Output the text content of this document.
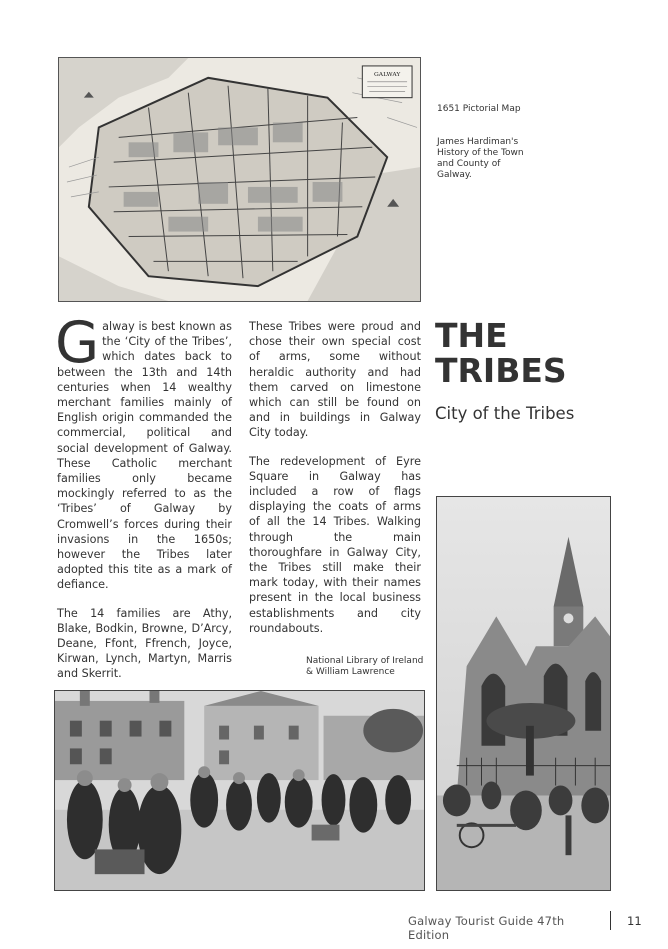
GALWAY
1651 Pictorial Map
James Hardiman's History of the Town and County of Galway.

Galway is best known as the ‘City of the Tribes’, which dates back to between the 13th and 14th centuries when 14 wealthy merchant families mainly of English origin commanded the commercial, political and social development of Galway. These Catholic merchant families only became mockingly referred to as the ‘Tribes’ of Galway by Cromwell’s forces during their invasions in the 1650s; however the Tribes later adopted this tite as a mark of defiance.

The 14 families are Athy, Blake, Bodkin, Browne, D’Arcy, Deane, Ffont, Ffrench, Joyce, Kirwan, Lynch, Martyn, Marris and Skerrit.

These Tribes were proud and chose their own special cost of arms, some without heraldic authority and had them carved on limestone which can still be found on and in buildings in Galway City today.

The redevelopment of Eyre Square in Galway has included a row of flags displaying the coats of arms of all the 14 Tribes. Walking through the main thoroughfare in Galway City, the Tribes still make their mark today, with their names present in the local business establishments and city roundabouts.

THE TRIBES
City of the Tribes
National Library of Ireland & William Lawrence
Galway Tourist Guide 47th Edition
11
